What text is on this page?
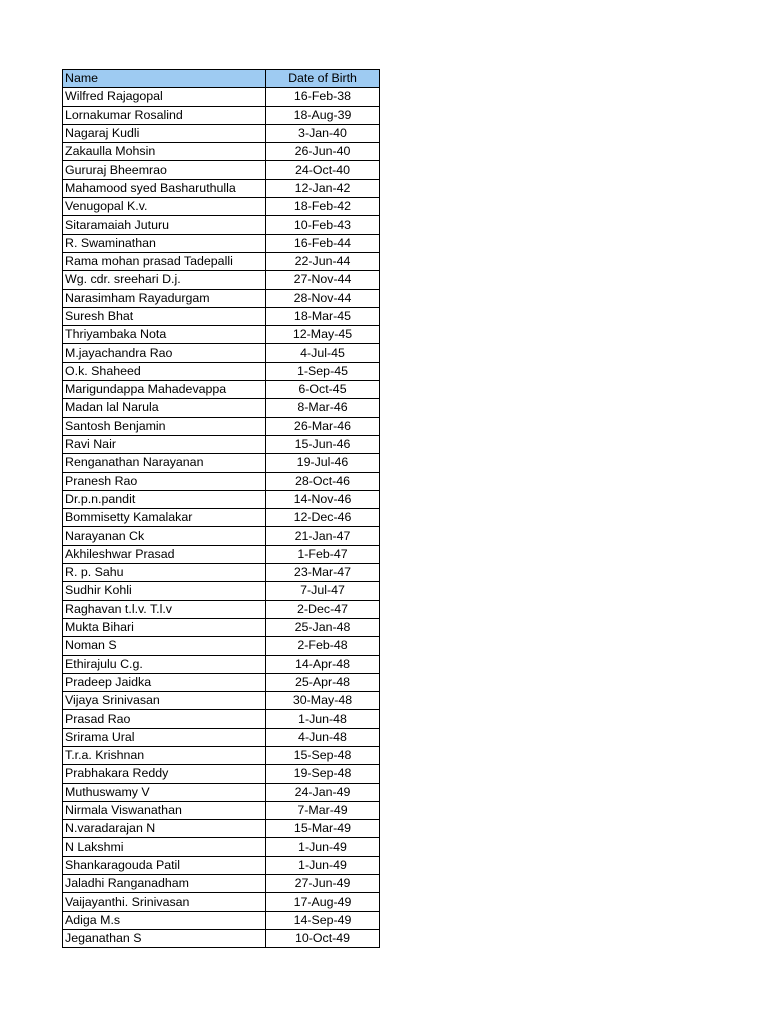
Name	Date of Birth
Wilfred Rajagopal	16-Feb-38
Lornakumar Rosalind	18-Aug-39
Nagaraj Kudli	3-Jan-40
Zakaulla Mohsin	26-Jun-40
Gururaj Bheemrao	24-Oct-40
Mahamood syed Basharuthulla	12-Jan-42
Venugopal K.v.	18-Feb-42
Sitaramaiah Juturu	10-Feb-43
R. Swaminathan	16-Feb-44
Rama mohan prasad Tadepalli	22-Jun-44
Wg. cdr. sreehari D.j.	27-Nov-44
Narasimham Rayadurgam	28-Nov-44
Suresh Bhat	18-Mar-45
Thriyambaka Nota	12-May-45
M.jayachandra Rao	4-Jul-45
O.k. Shaheed	1-Sep-45
Marigundappa Mahadevappa	6-Oct-45
Madan lal Narula	8-Mar-46
Santosh Benjamin	26-Mar-46
Ravi Nair	15-Jun-46
Renganathan Narayanan	19-Jul-46
Pranesh Rao	28-Oct-46
Dr.p.n.pandit	14-Nov-46
Bommisetty Kamalakar	12-Dec-46
Narayanan Ck	21-Jan-47
Akhileshwar Prasad	1-Feb-47
R. p. Sahu	23-Mar-47
Sudhir Kohli	7-Jul-47
Raghavan t.l.v. T.l.v	2-Dec-47
Mukta Bihari	25-Jan-48
Noman S	2-Feb-48
Ethirajulu C.g.	14-Apr-48
Pradeep Jaidka	25-Apr-48
Vijaya Srinivasan	30-May-48
Prasad Rao	1-Jun-48
Srirama Ural	4-Jun-48
T.r.a. Krishnan	15-Sep-48
Prabhakara Reddy	19-Sep-48
Muthuswamy V	24-Jan-49
Nirmala Viswanathan	7-Mar-49
N.varadarajan N	15-Mar-49
N Lakshmi	1-Jun-49
Shankaragouda Patil	1-Jun-49
Jaladhi Ranganadham	27-Jun-49
Vaijayanthi. Srinivasan	17-Aug-49
Adiga M.s	14-Sep-49
Jeganathan S	10-Oct-49
